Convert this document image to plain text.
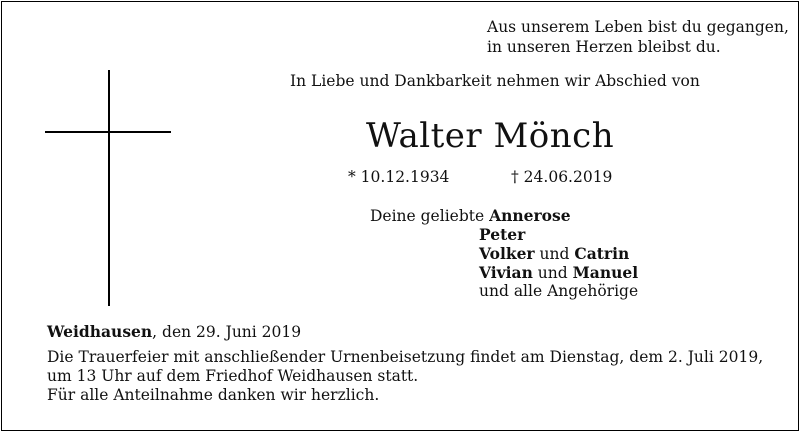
Aus unserem Leben bist du gegangen,
in unseren Herzen bleibst du.
In Liebe und Dankbarkeit nehmen wir Abschied von
Walter Mönch
* 10.12.1934	† 24.06.2019
Deine geliebte Annerose
Peter
Volker und Catrin
Vivian und Manuel
und alle Angehörige
Weidhausen, den 29. Juni 2019
Die Trauerfeier mit anschließender Urnenbeisetzung findet am Dienstag, dem 2. Juli 2019,
um 13 Uhr auf dem Friedhof Weidhausen statt.
Für alle Anteilnahme danken wir herzlich.
